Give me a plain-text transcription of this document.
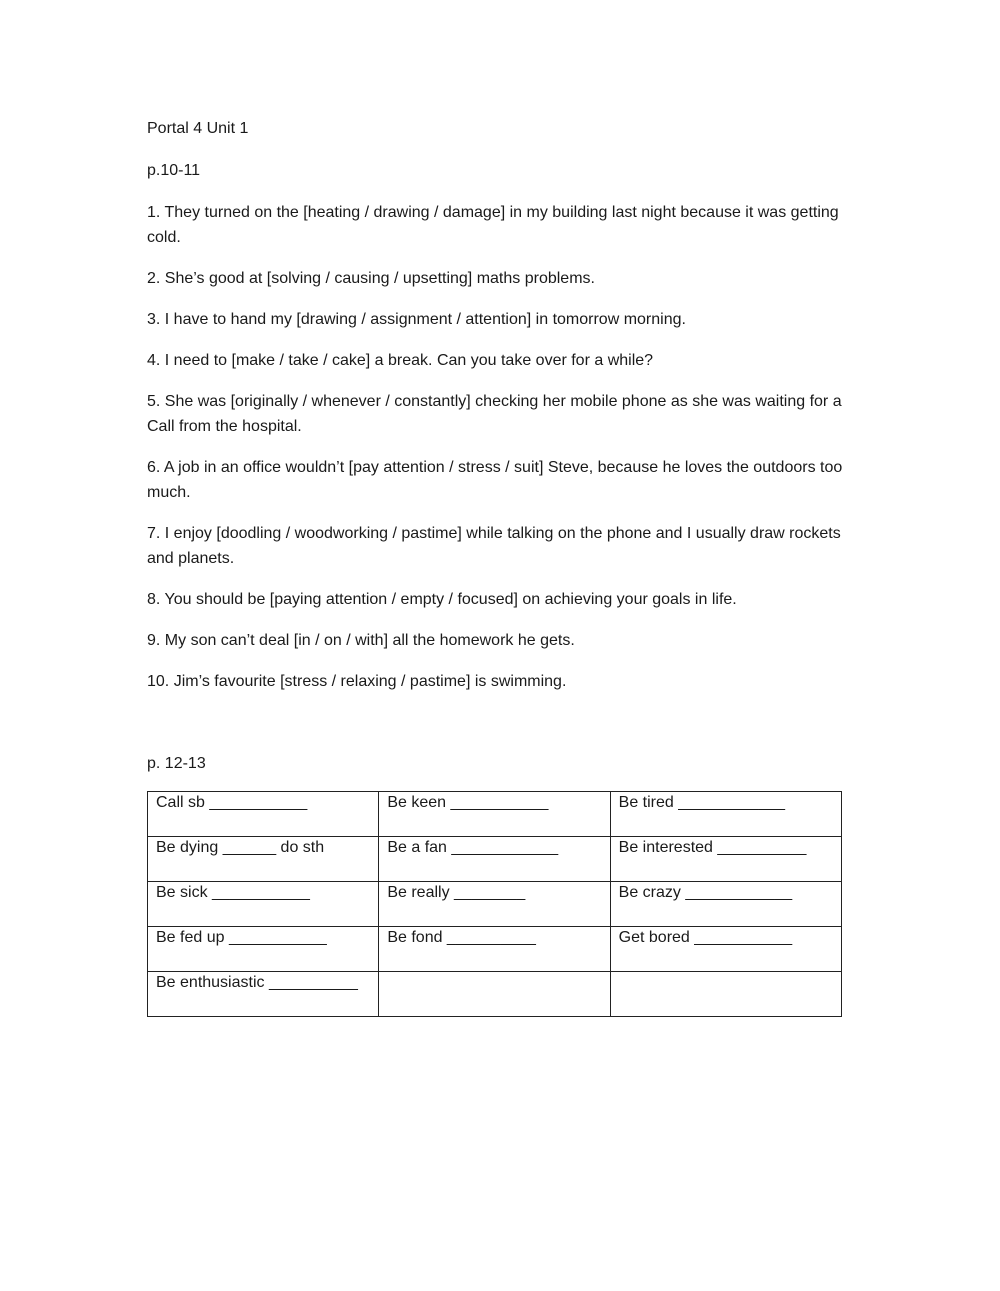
Portal 4 Unit 1

p.10-11

1. They turned on the [heating / drawing / damage] in my building last night because it was getting cold.

2. She’s good at [solving / causing / upsetting] maths problems.

3. I have to hand my [drawing / assignment / attention] in tomorrow morning.

4. I need to [make / take / cake] a break. Can you take over for a while?

5. She was [originally / whenever / constantly] checking her mobile phone as she was waiting for a Call from the hospital.

6. A job in an office wouldn’t [pay attention / stress / suit] Steve, because he loves the outdoors too much.

7. I enjoy [doodling / woodworking / pastime] while talking on the phone and I usually draw rockets and planets.

8. You should be [paying attention / empty / focused] on achieving your goals in life.

9. My son can’t deal [in / on / with] all the homework he gets.

10. Jim’s favourite [stress / relaxing / pastime] is swimming.

p. 12-13

Call sb ___________	Be keen ___________	Be tired ____________
Be dying ______ do sth	Be a fan ____________	Be interested __________
Be sick ___________	Be really ________	Be crazy ____________
Be fed up ___________	Be fond __________	Get bored ___________
Be enthusiastic __________		
